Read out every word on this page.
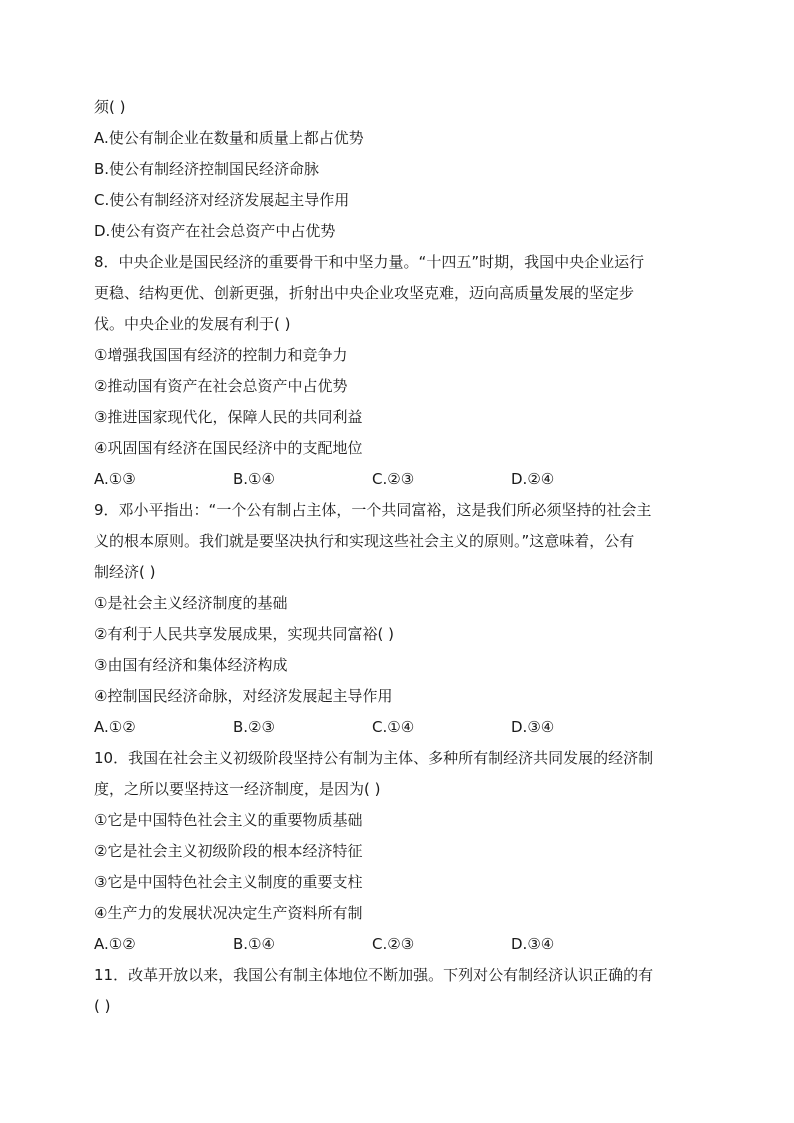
须( )
A.使公有制企业在数量和质量上都占优势
B.使公有制经济控制国民经济命脉
C.使公有制经济对经济发展起主导作用
D.使公有资产在社会总资产中占优势
8．中央企业是国民经济的重要骨干和中坚力量。“十四五”时期，我国中央企业运行
更稳、结构更优、创新更强，折射出中央企业攻坚克难，迈向高质量发展的坚定步
伐。中央企业的发展有利于( )
①增强我国国有经济的控制力和竞争力
②推动国有资产在社会总资产中占优势
③推进国家现代化，保障人民的共同利益
④巩固国有经济在国民经济中的支配地位
A.①③	B.①④	C.②③	D.②④
9．邓小平指出：“一个公有制占主体，一个共同富裕，这是我们所必须坚持的社会主
义的根本原则。我们就是要坚决执行和实现这些社会主义的原则。”这意味着，公有
制经济( )
①是社会主义经济制度的基础
②有利于人民共享发展成果，实现共同富裕( )
③由国有经济和集体经济构成
④控制国民经济命脉，对经济发展起主导作用
A.①②	B.②③	C.①④	D.③④
10．我国在社会主义初级阶段坚持公有制为主体、多种所有制经济共同发展的经济制
度，之所以要坚持这一经济制度，是因为( )
①它是中国特色社会主义的重要物质基础
②它是社会主义初级阶段的根本经济特征
③它是中国特色社会主义制度的重要支柱
④生产力的发展状况决定生产资料所有制
A.①②	B.①④	C.②③	D.③④
11．改革开放以来，我国公有制主体地位不断加强。下列对公有制经济认识正确的有
( )
